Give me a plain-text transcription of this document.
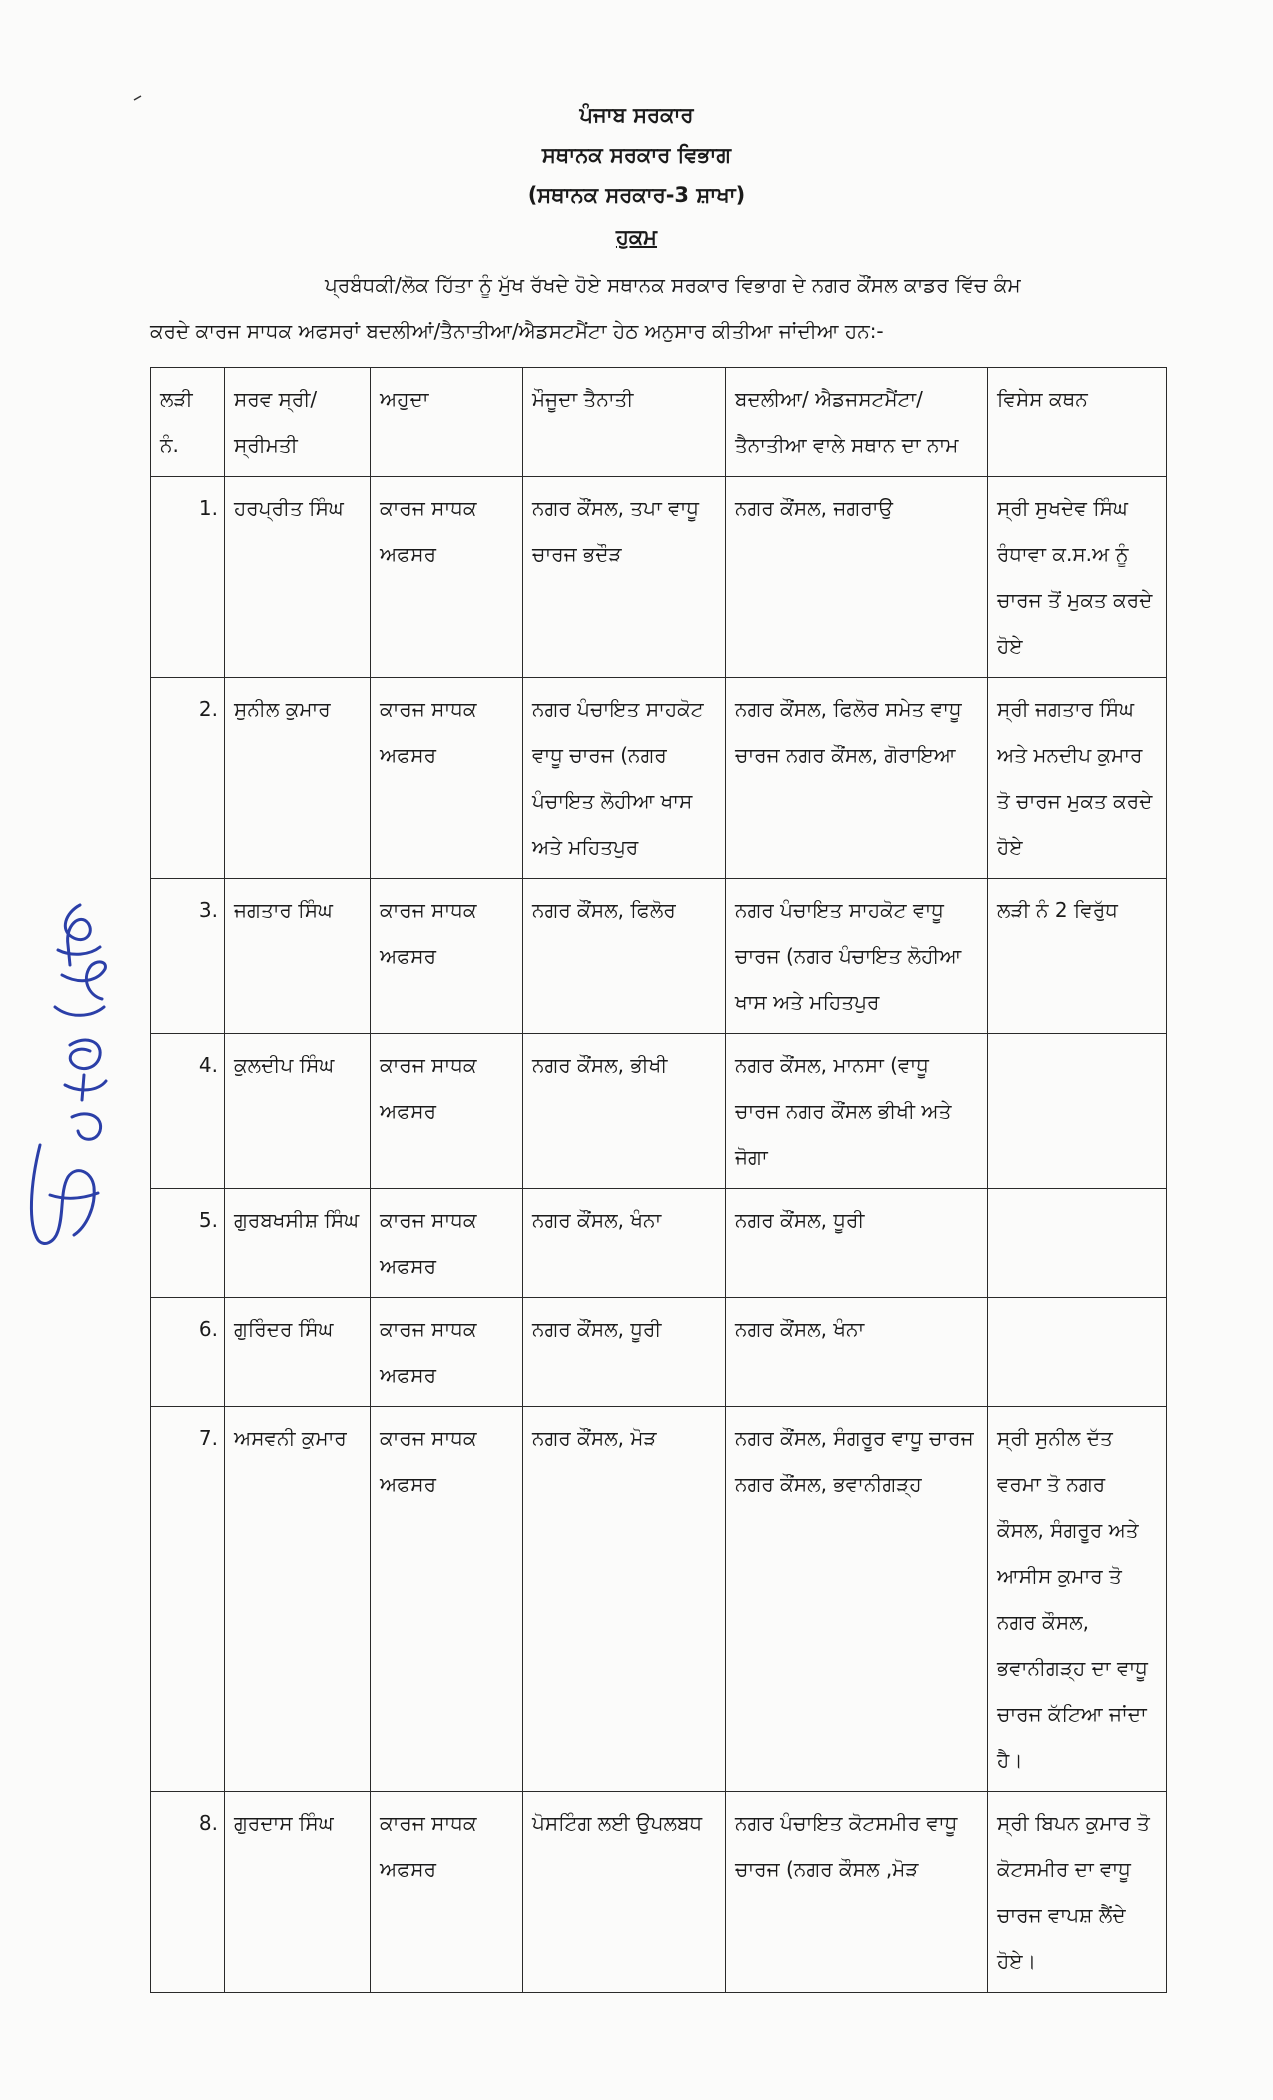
ਪੰਜਾਬ ਸਰਕਾਰ
ਸਥਾਨਕ ਸਰਕਾਰ ਵਿਭਾਗ
(ਸਥਾਨਕ ਸਰਕਾਰ-3 ਸ਼ਾਖਾ)
ਹੁਕਮ
ਪ੍ਰਬੰਧਕੀ/ਲੋਕ ਹਿੱਤਾ ਨੂੰ ਮੁੱਖ ਰੱਖਦੇ ਹੋਏ ਸਥਾਨਕ ਸਰਕਾਰ ਵਿਭਾਗ ਦੇ ਨਗਰ ਕੌਂਸਲ ਕਾਡਰ ਵਿੱਚ ਕੰਮ
ਕਰਦੇ ਕਾਰਜ ਸਾਧਕ ਅਫਸਰਾਂ ਬਦਲੀਆਂ/ਤੈਨਾਤੀਆ/ਐਡਸਟਮੈਂਟਾ ਹੇਠ ਅਨੁਸਾਰ ਕੀਤੀਆ ਜਾਂਦੀਆ ਹਨ:-
ਲੜੀ ਨੰ.	ਸਰਵ ਸ੍ਰੀ/ਸ੍ਰੀਮਤੀ	ਅਹੁਦਾ	ਮੌਜੂਦਾ ਤੈਨਾਤੀ	ਬਦਲੀਆ/ ਐਡਜਸਟਮੈਂਟਾ/ ਤੈਨਾਤੀਆ ਵਾਲੇ ਸਥਾਨ ਦਾ ਨਾਮ	ਵਿਸੇਸ ਕਥਨ
1.	ਹਰਪ੍ਰੀਤ ਸਿੰਘ	ਕਾਰਜ ਸਾਧਕ ਅਫਸਰ	ਨਗਰ ਕੌਂਸਲ, ਤਪਾ ਵਾਧੂ ਚਾਰਜ ਭਦੌੜ	ਨਗਰ ਕੌਂਸਲ, ਜਗਰਾਉ	ਸ੍ਰੀ ਸੁਖਦੇਵ ਸਿੰਘ ਰੰਧਾਵਾ ਕ.ਸ.ਅ ਨੂੰ ਚਾਰਜ ਤੋਂ ਮੁਕਤ ਕਰਦੇ ਹੋਏ
2.	ਸੁਨੀਲ ਕੁਮਾਰ	ਕਾਰਜ ਸਾਧਕ ਅਫਸਰ	ਨਗਰ ਪੰਚਾਇਤ ਸਾਹਕੋਟ ਵਾਧੂ ਚਾਰਜ (ਨਗਰ ਪੰਚਾਇਤ ਲੋਹੀਆ ਖਾਸ ਅਤੇ ਮਹਿਤਪੁਰ	ਨਗਰ ਕੌਂਸਲ, ਫਿਲੋਰ ਸਮੇਤ ਵਾਧੂ ਚਾਰਜ ਨਗਰ ਕੌਂਸਲ, ਗੋਰਾਇਆ	ਸ੍ਰੀ ਜਗਤਾਰ ਸਿੰਘ ਅਤੇ ਮਨਦੀਪ ਕੁਮਾਰ ਤੋ ਚਾਰਜ ਮੁਕਤ ਕਰਦੇ ਹੋਏ
3.	ਜਗਤਾਰ ਸਿੰਘ	ਕਾਰਜ ਸਾਧਕ ਅਫਸਰ	ਨਗਰ ਕੌਂਸਲ, ਫਿਲੋਰ	ਨਗਰ ਪੰਚਾਇਤ ਸਾਹਕੋਟ ਵਾਧੂ ਚਾਰਜ (ਨਗਰ ਪੰਚਾਇਤ ਲੋਹੀਆ ਖਾਸ ਅਤੇ ਮਹਿਤਪੁਰ	ਲੜੀ ਨੰ 2 ਵਿਰੁੱਧ
4.	ਕੁਲਦੀਪ ਸਿੰਘ	ਕਾਰਜ ਸਾਧਕ ਅਫਸਰ	ਨਗਰ ਕੌਂਸਲ, ਭੀਖੀ	ਨਗਰ ਕੌਂਸਲ, ਮਾਨਸਾ (ਵਾਧੂ ਚਾਰਜ ਨਗਰ ਕੌਂਸਲ ਭੀਖੀ ਅਤੇ ਜੋਗਾ	
5.	ਗੁਰਬਖਸੀਸ਼ ਸਿੰਘ	ਕਾਰਜ ਸਾਧਕ ਅਫਸਰ	ਨਗਰ ਕੌਂਸਲ, ਖੰਨਾ	ਨਗਰ ਕੌਂਸਲ, ਧੂਰੀ	
6.	ਗੁਰਿੰਦਰ ਸਿੰਘ	ਕਾਰਜ ਸਾਧਕ ਅਫਸਰ	ਨਗਰ ਕੌਂਸਲ, ਧੂਰੀ	ਨਗਰ ਕੌਂਸਲ, ਖੰਨਾ	
7.	ਅਸਵਨੀ ਕੁਮਾਰ	ਕਾਰਜ ਸਾਧਕ ਅਫਸਰ	ਨਗਰ ਕੌਂਸਲ, ਮੋੜ	ਨਗਰ ਕੌਂਸਲ, ਸੰਗਰੂਰ ਵਾਧੂ ਚਾਰਜ ਨਗਰ ਕੌਂਸਲ, ਭਵਾਨੀਗੜ੍ਹ	ਸ੍ਰੀ ਸੁਨੀਲ ਦੱਤ ਵਰਮਾ ਤੋ ਨਗਰ ਕੌਸਲ, ਸੰਗਰੂਰ ਅਤੇ ਆਸੀਸ ਕੁਮਾਰ ਤੋ ਨਗਰ ਕੌਸਲ, ਭਵਾਨੀਗੜ੍ਹ ਦਾ ਵਾਧੂ ਚਾਰਜ ਕੱਟਿਆ ਜਾਂਦਾ ਹੈ।
8.	ਗੁਰਦਾਸ ਸਿੰਘ	ਕਾਰਜ ਸਾਧਕ ਅਫਸਰ	ਪੋਸਟਿੰਗ ਲਈ ਉਪਲਬਧ	ਨਗਰ ਪੰਚਾਇਤ ਕੋਟਸਮੀਰ ਵਾਧੂ ਚਾਰਜ (ਨਗਰ ਕੌਸਲ ,ਮੋੜ	ਸ੍ਰੀ ਬਿਪਨ ਕੁਮਾਰ ਤੋ ਕੋਟਸਮੀਰ ਦਾ ਵਾਧੂ ਚਾਰਜ ਵਾਪਸ਼ ਲੈਂਦੇ ਹੋਏ।
